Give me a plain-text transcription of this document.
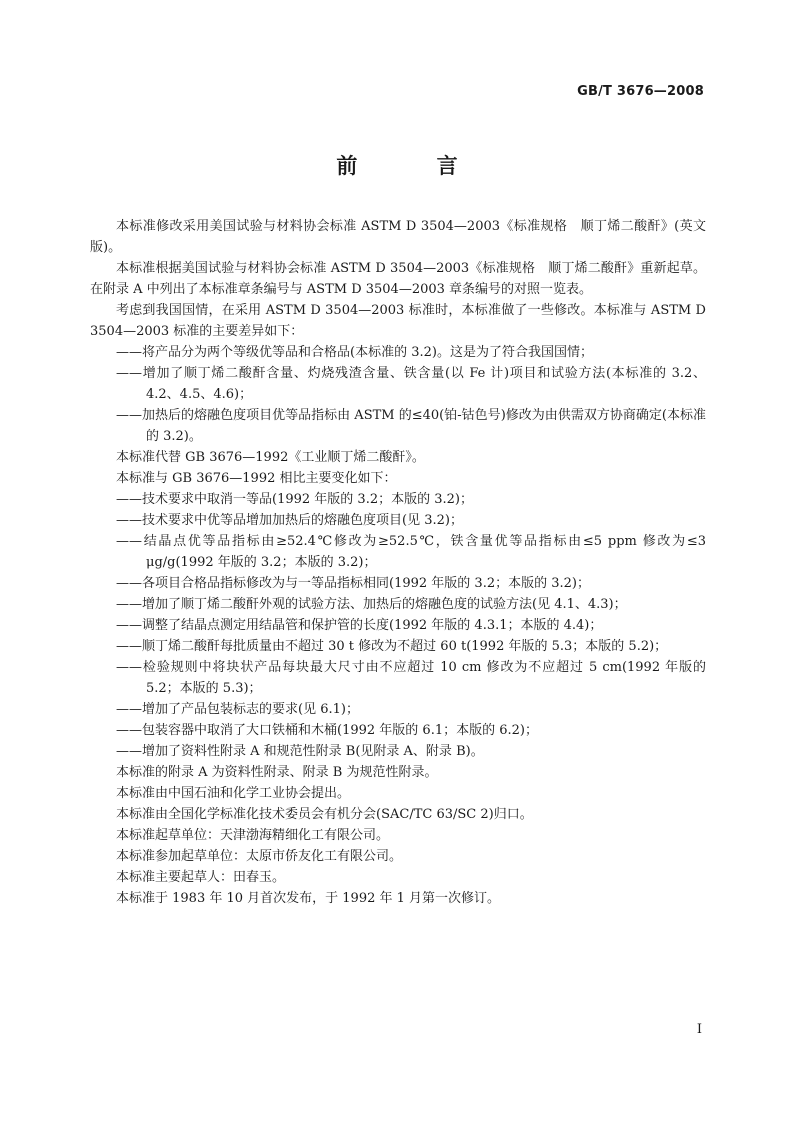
GB/T 3676—2008
前 言

本标准修改采用美国试验与材料协会标准 ASTM D 3504—2003《标准规格　顺丁烯二酸酐》(英文版)。

本标准根据美国试验与材料协会标准 ASTM D 3504—2003《标准规格　顺丁烯二酸酐》重新起草。在附录 A 中列出了本标准章条编号与 ASTM D 3504—2003 章条编号的对照一览表。

考虑到我国国情，在采用 ASTM D 3504—2003 标准时，本标准做了一些修改。本标准与 ASTM D 3504—2003 标准的主要差异如下：

——将产品分为两个等级优等品和合格品(本标准的 3.2)。这是为了符合我国国情；

——增加了顺丁烯二酸酐含量、灼烧残渣含量、铁含量(以 Fe 计)项目和试验方法(本标准的 3.2、4.2、4.5、4.6)；

——加热后的熔融色度项目优等品指标由 ASTM 的≤40(铂-钴色号)修改为由供需双方协商确定(本标准的 3.2)。

本标准代替 GB 3676—1992《工业顺丁烯二酸酐》。

本标准与 GB 3676—1992 相比主要变化如下：

——技术要求中取消一等品(1992 年版的 3.2；本版的 3.2)；

——技术要求中优等品增加加热后的熔融色度项目(见 3.2)；

——结晶点优等品指标由≥52.4℃修改为≥52.5℃，铁含量优等品指标由≤5 ppm 修改为≤3 μg/g(1992 年版的 3.2；本版的 3.2)；

——各项目合格品指标修改为与一等品指标相同(1992 年版的 3.2；本版的 3.2)；

——增加了顺丁烯二酸酐外观的试验方法、加热后的熔融色度的试验方法(见 4.1、4.3)；

——调整了结晶点测定用结晶管和保护管的长度(1992 年版的 4.3.1；本版的 4.4)；

——顺丁烯二酸酐每批质量由不超过 30 t 修改为不超过 60 t(1992 年版的 5.3；本版的 5.2)；

——检验规则中将块状产品每块最大尺寸由不应超过 10 cm 修改为不应超过 5 cm(1992 年版的 5.2；本版的 5.3)；

——增加了产品包装标志的要求(见 6.1)；

——包装容器中取消了大口铁桶和木桶(1992 年版的 6.1；本版的 6.2)；

——增加了资料性附录 A 和规范性附录 B(见附录 A、附录 B)。

本标准的附录 A 为资料性附录、附录 B 为规范性附录。

本标准由中国石油和化学工业协会提出。

本标准由全国化学标准化技术委员会有机分会(SAC/TC 63/SC 2)归口。

本标准起草单位：天津渤海精细化工有限公司。

本标准参加起草单位：太原市侨友化工有限公司。

本标准主要起草人：田春玉。

本标准于 1983 年 10 月首次发布，于 1992 年 1 月第一次修订。

I
